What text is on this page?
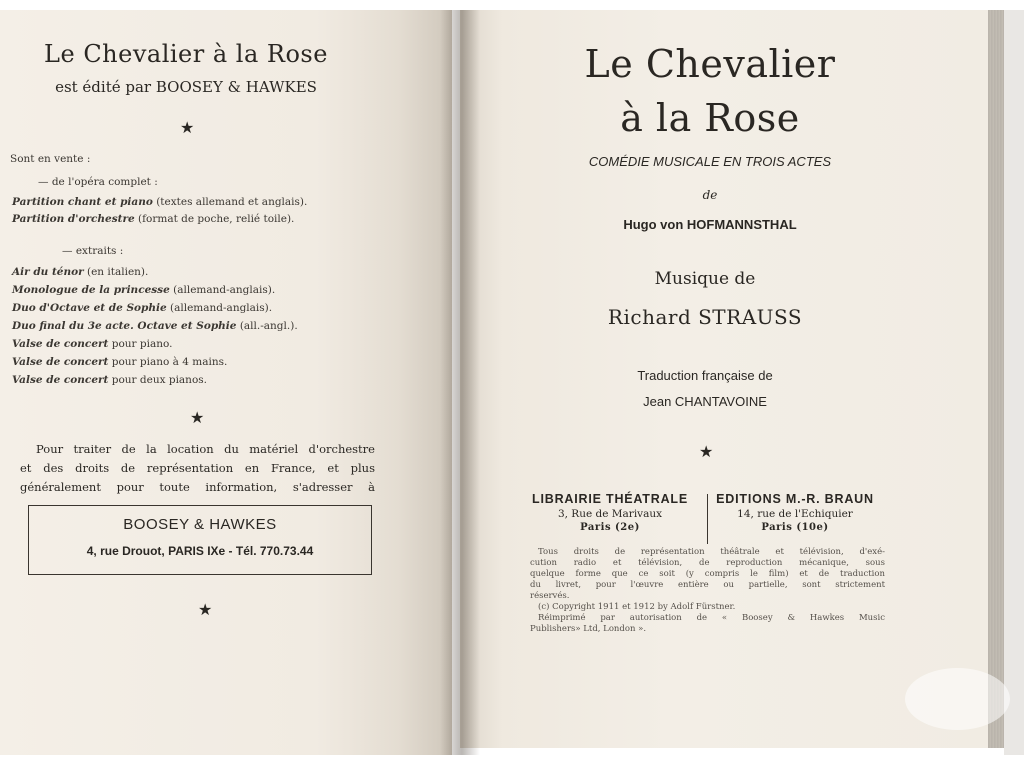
Le Chevalier à la Rose
est édité par BOOSEY & HAWKES
★
Sont en vente :
— de l'opéra complet :
Partition chant et piano (textes allemand et anglais).
Partition d'orchestre (format de poche, relié toile).
— extraits :
Air du ténor (en italien).
Monologue de la princesse (allemand-anglais).
Duo d'Octave et de Sophie (allemand-anglais).
Duo final du 3e acte. Octave et Sophie (all.-angl.).
Valse de concert pour piano.
Valse de concert pour piano à 4 mains.
Valse de concert pour deux pianos.
★
Pour traiter de la location du matériel d'orchestre
et des droits de représentation en France, et plus
généralement pour toute information, s'adresser à
BOOSEY & HAWKES
4, rue Drouot, PARIS IXe - Tél. 770.73.44
★
Le Chevalier
à la Rose
COMÉDIE MUSICALE EN TROIS ACTES
de
Hugo von HOFMANNSTHAL
Musique de
Richard STRAUSS
Traduction française de
Jean CHANTAVOINE
★
LIBRAIRIE THÉATRALE
3, Rue de Marivaux
Paris (2e)
EDITIONS M.-R. BRAUN
14, rue de l'Echiquier
Paris (10e)
Tous droits de représentation théâtrale et télévision, d'exé-
cution radio et télévision, de reproduction mécanique, sous
quelque forme que ce soit (y compris le film) et de traduction
du livret, pour l'œuvre entière ou partielle, sont strictement
réservés.
(c) Copyright 1911 et 1912 by Adolf Fürstner.
Réimprimé par autorisation de « Boosey & Hawkes Music
Publishers» Ltd, London ».
